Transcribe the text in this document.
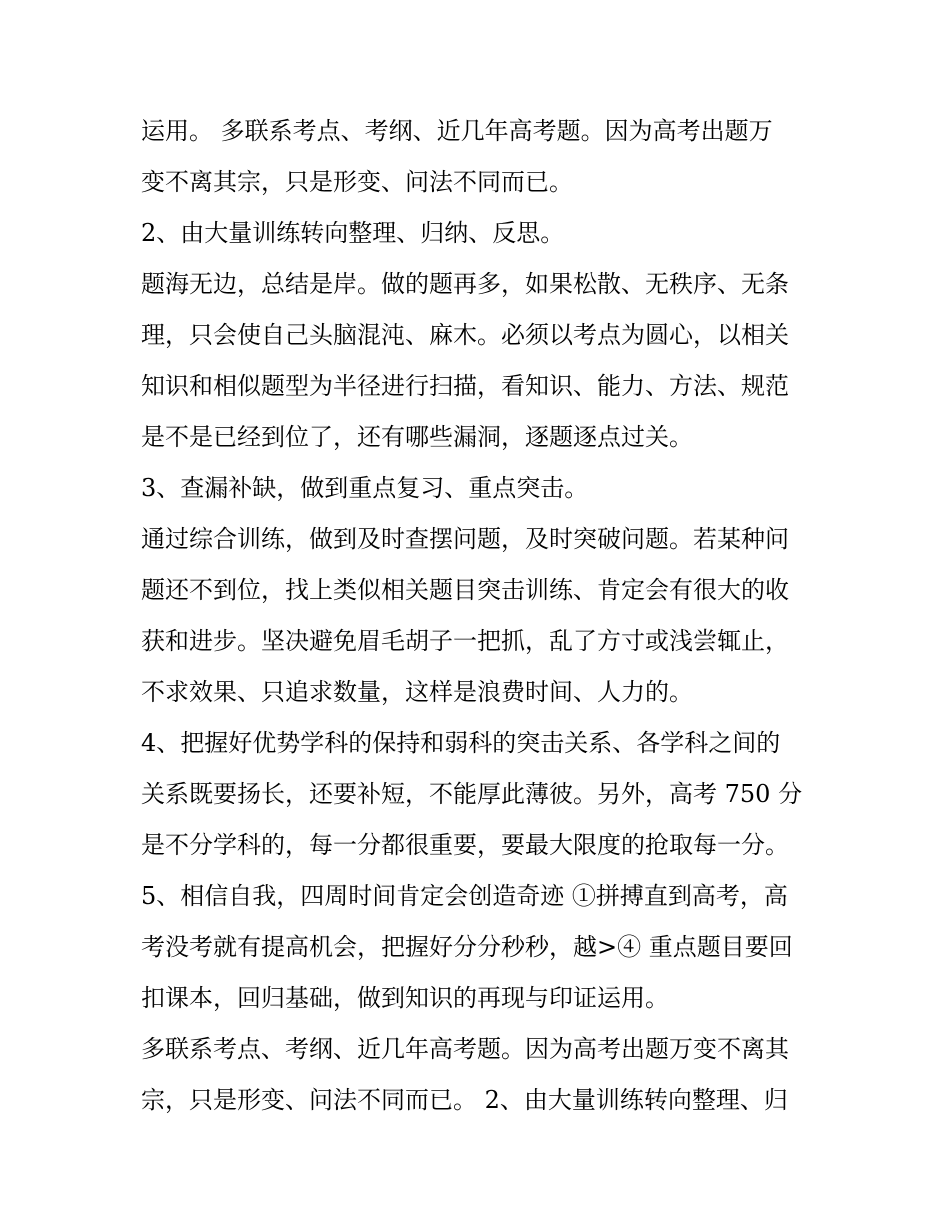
运用。 多联系考点、考纲、近几年高考题。因为高考出题万
变不离其宗，只是形变、问法不同而已。
2、由大量训练转向整理、归纳、反思。
题海无边，总结是岸。做的题再多，如果松散、无秩序、无条
理，只会使自己头脑混沌、麻木。必须以考点为圆心，以相关
知识和相似题型为半径进行扫描，看知识、能力、方法、规范
是不是已经到位了，还有哪些漏洞，逐题逐点过关。
3、查漏补缺，做到重点复习、重点突击。
通过综合训练，做到及时查摆问题，及时突破问题。若某种问
题还不到位，找上类似相关题目突击训练、肯定会有很大的收
获和进步。坚决避免眉毛胡子一把抓，乱了方寸或浅尝辄止，
不求效果、只追求数量，这样是浪费时间、人力的。
4、把握好优势学科的保持和弱科的突击关系、各学科之间的
关系既要扬长，还要补短，不能厚此薄彼。另外，高考 750 分
是不分学科的，每一分都很重要，要最大限度的抢取每一分。
5、相信自我，四周时间肯定会创造奇迹 ①拼搏直到高考，高
考没考就有提高机会，把握好分分秒秒，越>④ 重点题目要回
扣课本，回归基础，做到知识的再现与印证运用。
多联系考点、考纲、近几年高考题。因为高考出题万变不离其
宗，只是形变、问法不同而已。 2、由大量训练转向整理、归
